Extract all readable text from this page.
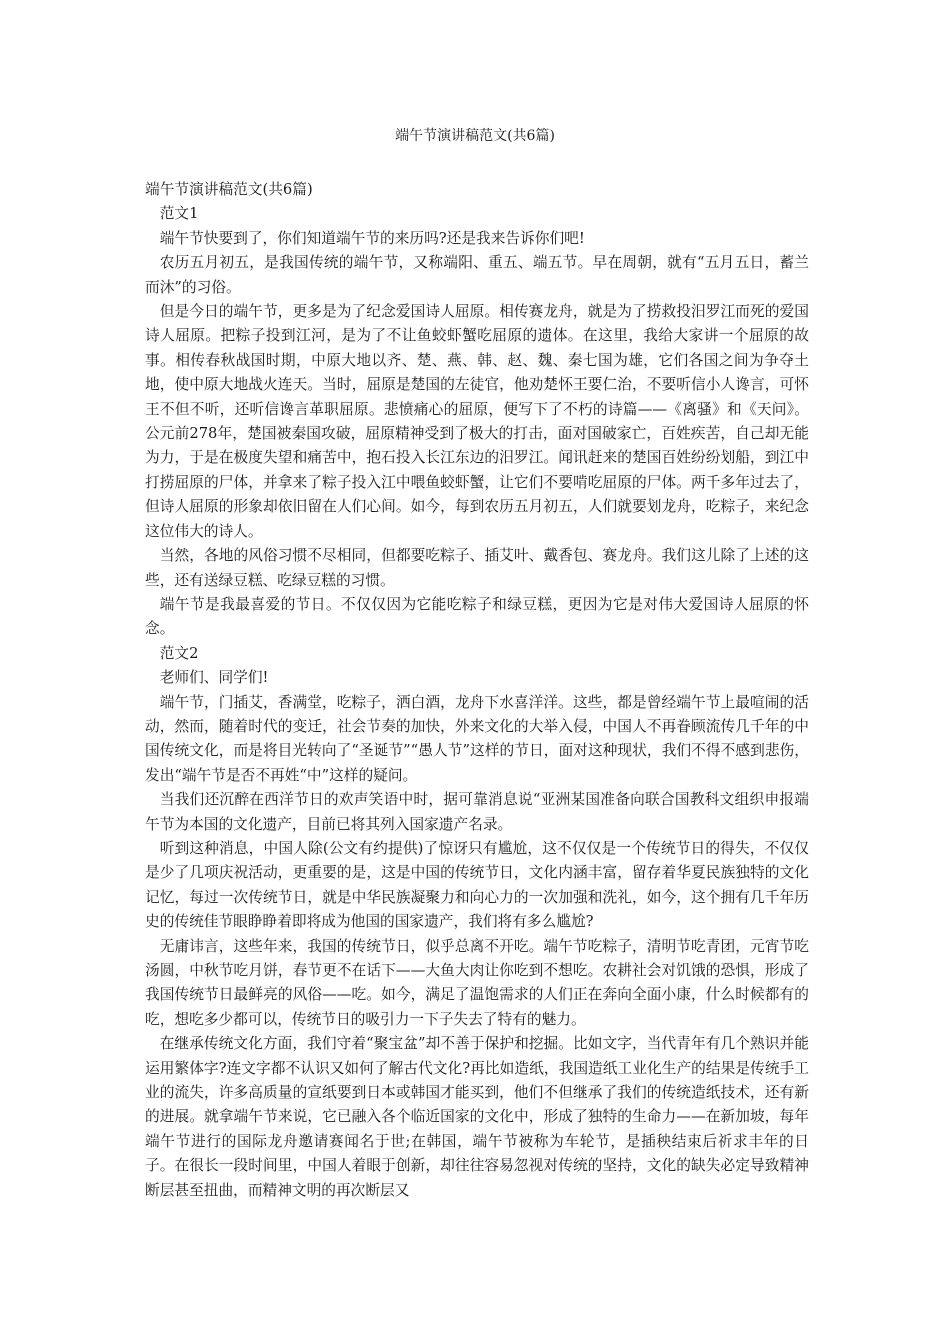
端午节演讲稿范文(共6篇)

端午节演讲稿范文(共6篇)

范文1

端午节快要到了，你们知道端午节的来历吗?还是我来告诉你们吧!

农历五月初五，是我国传统的端午节，又称端阳、重五、端五节。早在周朝，就有“五月五日，蓄兰而沐”的习俗。

但是今日的端午节，更多是为了纪念爱国诗人屈原。相传赛龙舟，就是为了捞救投汨罗江而死的爱国诗人屈原。把粽子投到江河，是为了不让鱼蛟虾蟹吃屈原的遗体。在这里，我给大家讲一个屈原的故事。相传春秋战国时期，中原大地以齐、楚、燕、韩、赵、魏、秦七国为雄，它们各国之间为争夺土地，使中原大地战火连天。当时，屈原是楚国的左徒官，他劝楚怀王要仁治，不要听信小人谗言，可怀王不但不听，还听信谗言革职屈原。悲愤痛心的屈原，便写下了不朽的诗篇——《离骚》和《天问》。公元前278年，楚国被秦国攻破，屈原精神受到了极大的打击，面对国破家亡，百姓疾苦，自己却无能为力，于是在极度失望和痛苦中，抱石投入长江东边的汨罗江。闻讯赶来的楚国百姓纷纷划船，到江中打捞屈原的尸体，并拿来了粽子投入江中喂鱼蛟虾蟹，让它们不要啃吃屈原的尸体。两千多年过去了，但诗人屈原的形象却依旧留在人们心间。如今，每到农历五月初五，人们就要划龙舟，吃粽子，来纪念这位伟大的诗人。

当然，各地的风俗习惯不尽相同，但都要吃粽子、插艾叶、戴香包、赛龙舟。我们这儿除了上述的这些，还有送绿豆糕、吃绿豆糕的习惯。

端午节是我最喜爱的节日。不仅仅因为它能吃粽子和绿豆糕，更因为它是对伟大爱国诗人屈原的怀念。

范文2

老师们、同学们!

端午节，门插艾，香满堂，吃粽子，洒白酒，龙舟下水喜洋洋。这些，都是曾经端午节上最喧闹的活动，然而，随着时代的变迁，社会节奏的加快，外来文化的大举入侵，中国人不再眷顾流传几千年的中国传统文化，而是将目光转向了“圣诞节”“愚人节”这样的节日，面对这种现状，我们不得不感到悲伤，发出“端午节是否不再姓“中”这样的疑问。

当我们还沉醉在西洋节日的欢声笑语中时，据可靠消息说“亚洲某国准备向联合国教科文组织申报端午节为本国的文化遗产，目前已将其列入国家遗产名录。

听到这种消息，中国人除(公文有约提供)了惊讶只有尴尬，这不仅仅是一个传统节日的得失，不仅仅是少了几项庆祝活动，更重要的是，这是中国的传统节日，文化内涵丰富，留存着华夏民族独特的文化记忆，每过一次传统节日，就是中华民族凝聚力和向心力的一次加强和洗礼，如今，这个拥有几千年历史的传统佳节眼睁睁着即将成为他国的国家遗产，我们将有多么尴尬?

无庸讳言，这些年来，我国的传统节日，似乎总离不开吃。端午节吃粽子，清明节吃青团，元宵节吃汤圆，中秋节吃月饼，春节更不在话下——大鱼大肉让你吃到不想吃。农耕社会对饥饿的恐惧，形成了我国传统节日最鲜亮的风俗——吃。如今，满足了温饱需求的人们正在奔向全面小康，什么时候都有的吃，想吃多少都可以，传统节日的吸引力一下子失去了特有的魅力。

在继承传统文化方面，我们守着“聚宝盆”却不善于保护和挖掘。比如文字，当代青年有几个熟识并能运用繁体字?连文字都不认识又如何了解古代文化?再比如造纸，我国造纸工业化生产的结果是传统手工业的流失，许多高质量的宣纸要到日本或韩国才能买到，他们不但继承了我们的传统造纸技术，还有新的进展。就拿端午节来说，它已融入各个临近国家的文化中，形成了独特的生命力——在新加坡，每年端午节进行的国际龙舟邀请赛闻名于世;在韩国，端午节被称为车轮节，是插秧结束后祈求丰年的日子。在很长一段时间里，中国人着眼于创新，却往往容易忽视对传统的坚持，文化的缺失必定导致精神断层甚至扭曲，而精神文明的再次断层又
